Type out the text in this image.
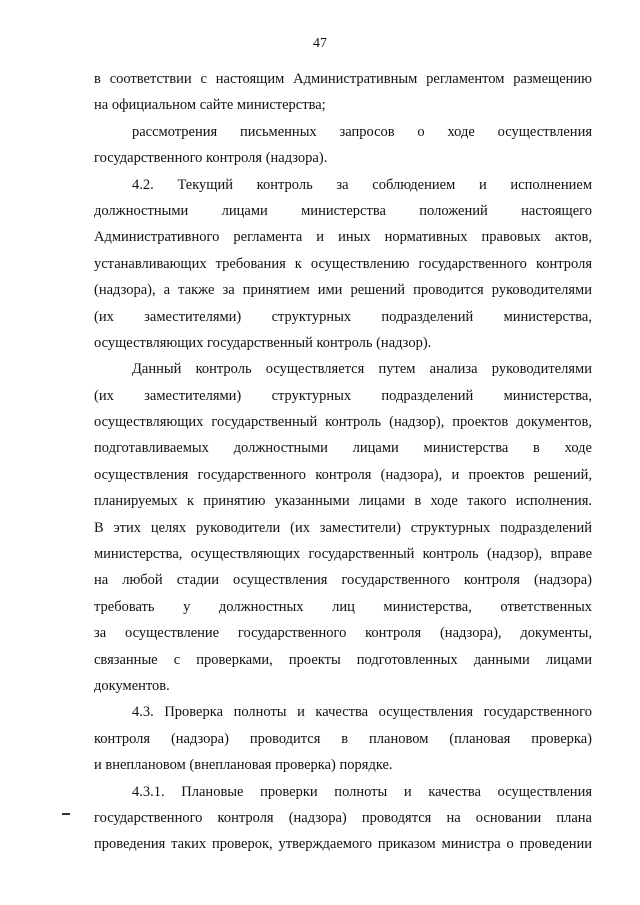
47
в соответствии с настоящим Административным регламентом размещению
на официальном сайте министерства;
рассмотрения письменных запросов о ходе осуществления
государственного контроля (надзора).
4.2. Текущий контроль за соблюдением и исполнением
должностными лицами министерства положений настоящего
Административного регламента и иных нормативных правовых актов,
устанавливающих требования к осуществлению государственного контроля
(надзора), а также за принятием ими решений проводится руководителями
(их заместителями) структурных подразделений министерства,
осуществляющих государственный контроль (надзор).
Данный контроль осуществляется путем анализа руководителями
(их заместителями) структурных подразделений министерства,
осуществляющих государственный контроль (надзор), проектов документов,
подготавливаемых должностными лицами министерства в ходе
осуществления государственного контроля (надзора), и проектов решений,
планируемых к принятию указанными лицами в ходе такого исполнения.
В этих целях руководители (их заместители) структурных подразделений
министерства, осуществляющих государственный контроль (надзор), вправе
на любой стадии осуществления государственного контроля (надзора)
требовать у должностных лиц министерства, ответственных
за осуществление государственного контроля (надзора), документы,
связанные с проверками, проекты подготовленных данными лицами
документов.
4.3. Проверка полноты и качества осуществления государственного
контроля (надзора) проводится в плановом (плановая проверка)
и внеплановом (внеплановая проверка) порядке.
4.3.1. Плановые проверки полноты и качества осуществления
государственного контроля (надзора) проводятся на основании плана
проведения таких проверок, утверждаемого приказом министра о проведении
